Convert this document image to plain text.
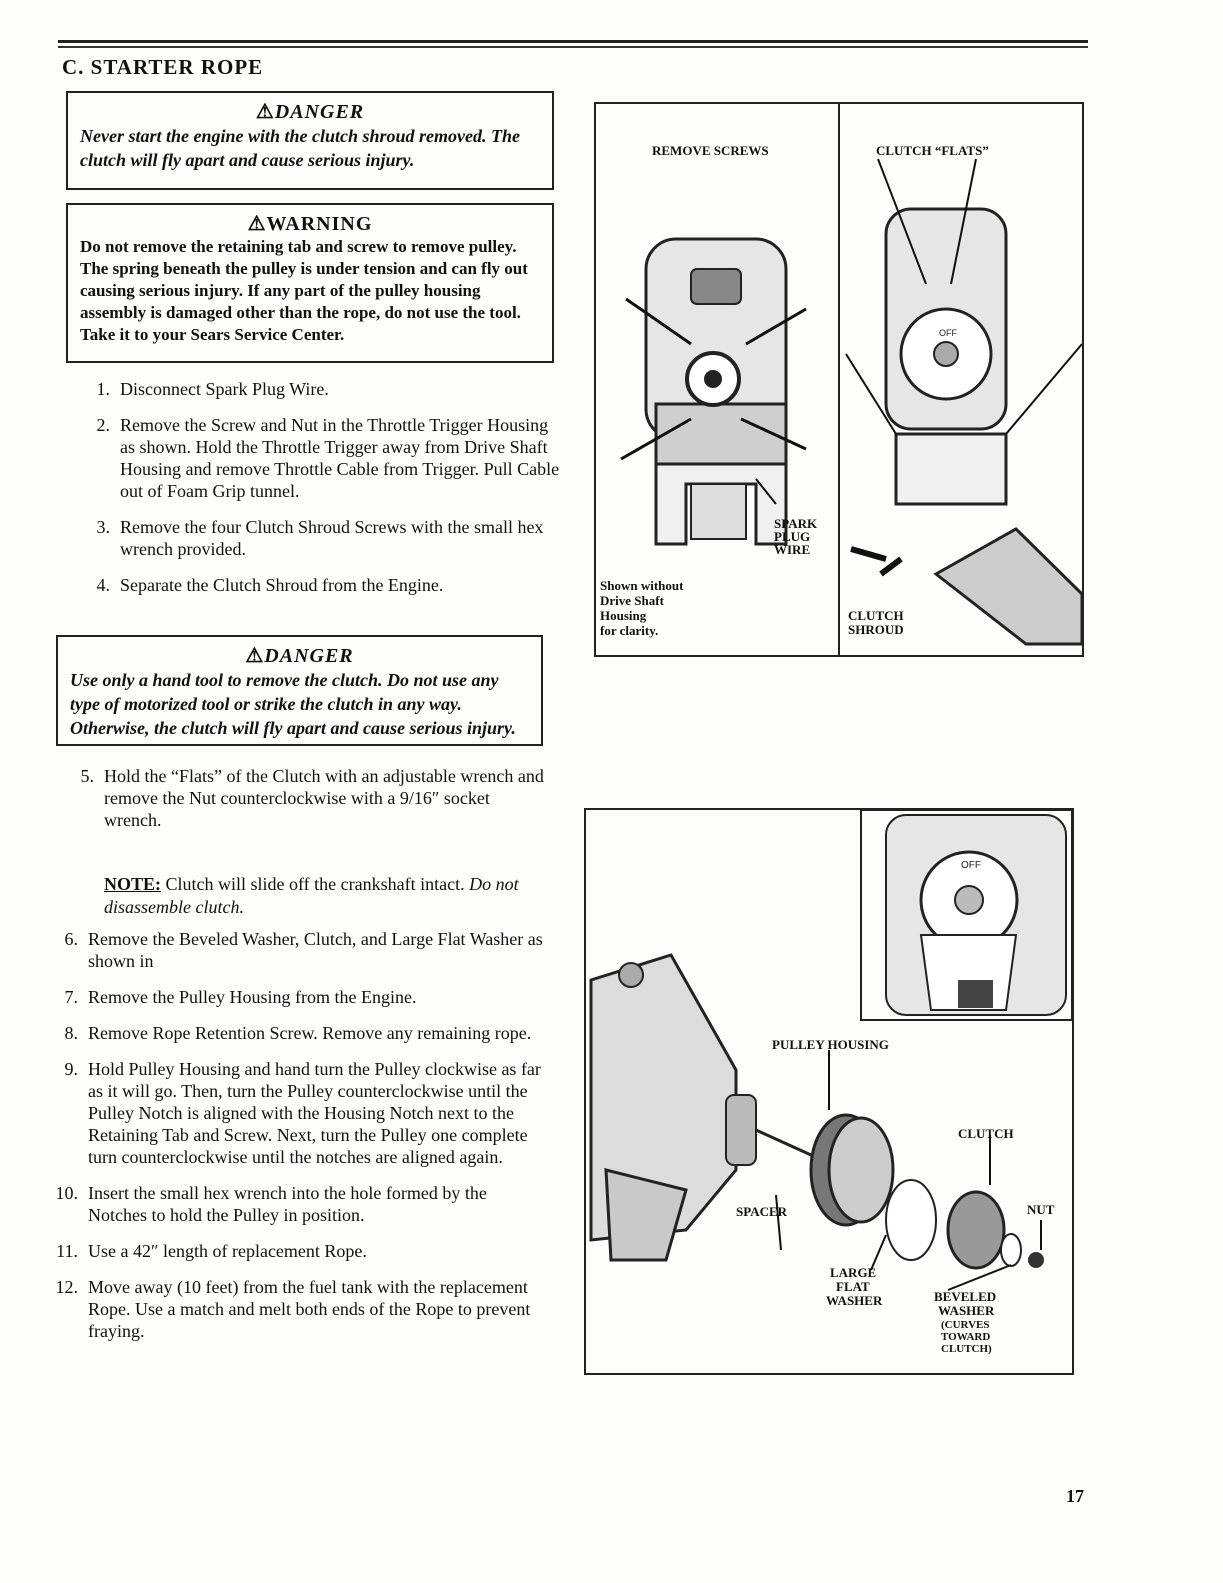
C. STARTER ROPE
⚠DANGER
Never start the engine with the clutch shroud removed. The clutch will fly apart and cause serious injury.
⚠WARNING
Do not remove the retaining tab and screw to remove pulley. The spring beneath the pulley is under tension and can fly out causing serious injury. If any part of the pulley housing assembly is damaged other than the rope, do not use the tool. Take it to your Sears Service Center.
1. Disconnect Spark Plug Wire.
2. Remove the Screw and Nut in the Throttle Trigger Housing as shown. Hold the Throttle Trigger away from Drive Shaft Housing and remove Throttle Cable from Trigger. Pull Cable out of Foam Grip tunnel.
3. Remove the four Clutch Shroud Screws with the small hex wrench provided.
4. Separate the Clutch Shroud from the Engine.
⚠DANGER
Use only a hand tool to remove the clutch. Do not use any type of motorized tool or strike the clutch in any way. Otherwise, the clutch will fly apart and cause serious injury.
5. Hold the “Flats” of the Clutch with an adjustable wrench and remove the Nut counterclockwise with a 9/16″ socket wrench.
NOTE: Clutch will slide off the crankshaft intact. Do not disassemble clutch.
6. Remove the Beveled Washer, Clutch, and Large Flat Washer as shown in
7. Remove the Pulley Housing from the Engine.
8. Remove Rope Retention Screw. Remove any remaining rope.
9. Hold Pulley Housing and hand turn the Pulley clockwise as far as it will go. Then, turn the Pulley counterclockwise until the Pulley Notch is aligned with the Housing Notch next to the Retaining Tab and Screw. Next, turn the Pulley one complete turn counterclockwise until the notches are aligned again.
10. Insert the small hex wrench into the hole formed by the Notches to hold the Pulley in position.
11. Use a 42″ length of replacement Rope.
12. Move away (10 feet) from the fuel tank with the replacement Rope. Use a match and melt both ends of the Rope to prevent fraying.
OFF
REMOVE SCREWS	CLUTCH “FLATS”
SPARK
PLUG
WIRE
Shown without
Drive Shaft
Housing
for clarity.
CLUTCH
SHROUD
OFF
PULLEY HOUSING
CLUTCH
NUT
SPACER
LARGE
FLAT
WASHER	BEVELED
WASHER
(CURVES
TOWARD
CLUTCH)
17
